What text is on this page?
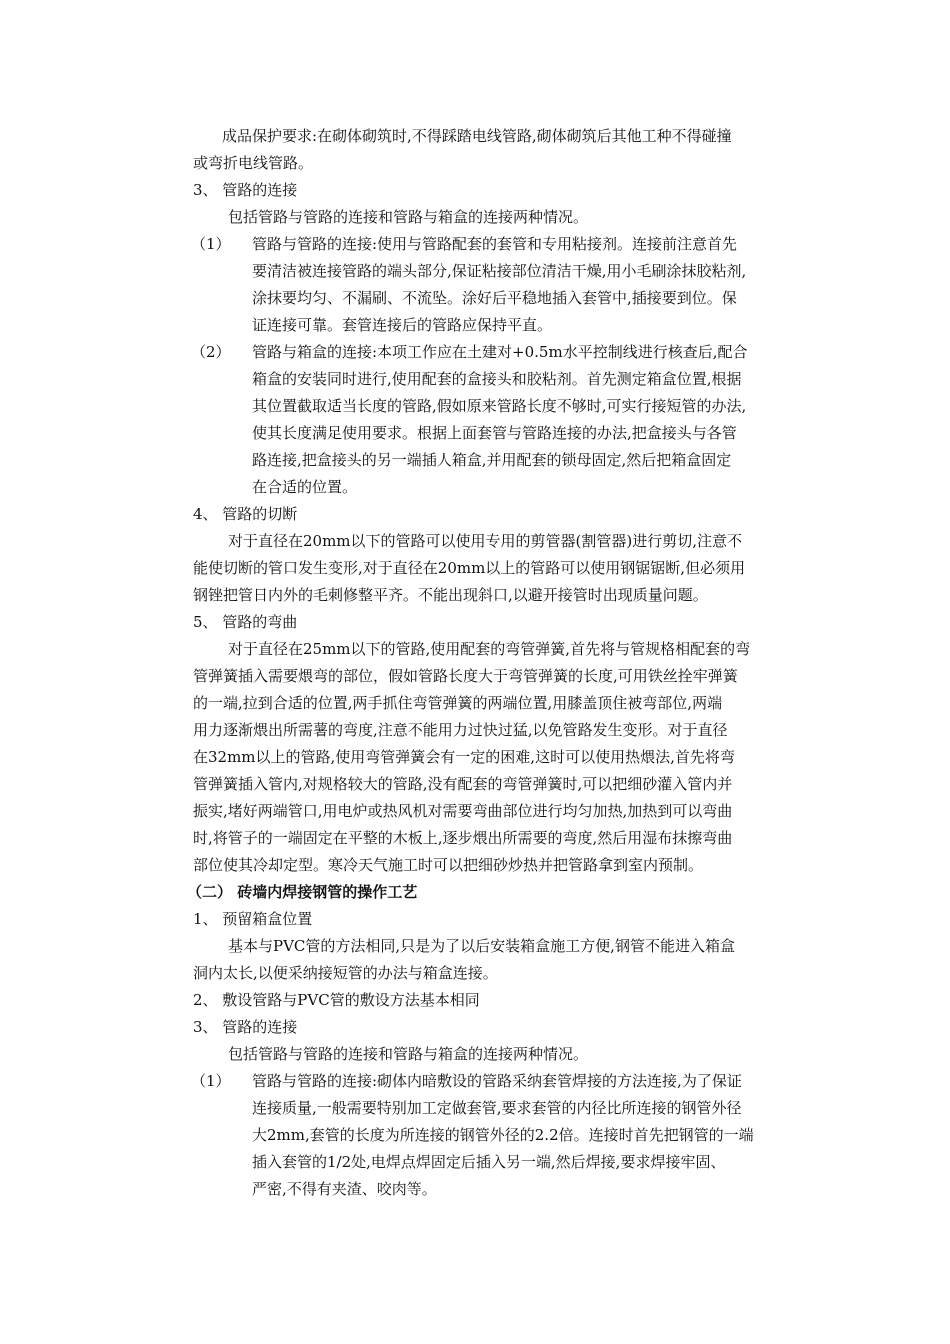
成品保护要求:在砌体砌筑时,不得踩踏电线管路,砌体砌筑后其他工种不得碰撞
或弯折电线管路。
3、 管路的连接
包括管路与管路的连接和管路与箱盒的连接两种情况。
（1） 管路与管路的连接:使用与管路配套的套管和专用粘接剂。连接前注意首先
要清洁被连接管路的端头部分,保证粘接部位清洁干燥,用小毛刷涂抹胶粘剂,
涂抹要均匀、不漏刷、不流坠。涂好后平稳地插入套管中,插接要到位。保
证连接可靠。套管连接后的管路应保持平直。
（2） 管路与箱盒的连接:本项工作应在土建对+0.5m水平控制线进行核查后,配合
箱盒的安装同时进行,使用配套的盒接头和胶粘剂。首先测定箱盒位置,根据
其位置截取适当长度的管路,假如原来管路长度不够时,可实行接短管的办法,
使其长度满足使用要求。根据上面套管与管路连接的办法,把盒接头与各管
路连接,把盒接头的另一端插人箱盒,并用配套的锁母固定,然后把箱盒固定
在合适的位置。
4、 管路的切断
对于直径在20mm以下的管路可以使用专用的剪管器(割管器)进行剪切,注意不
能使切断的管口发生变形,对于直径在20mm以上的管路可以使用钢锯锯断,但必须用
钢锉把管日内外的毛刺修整平齐。不能出现斜口,以避开接管时出现质量问题。
5、 管路的弯曲
对于直径在25mm以下的管路,使用配套的弯管弹簧,首先将与管规格相配套的弯
管弹簧插入需要煨弯的部位，假如管路长度大于弯管弹簧的长度,可用铁丝拴牢弹簧
的一端,拉到合适的位置,两手抓住弯管弹簧的两端位置,用膝盖顶住被弯部位,两端
用力逐渐煨出所需薯的弯度,注意不能用力过快过猛,以免管路发生变形。对于直径
在32mm以上的管路,使用弯管弹簧会有一定的困难,这时可以使用热煨法,首先将弯
管弹簧插入管内,对规格较大的管路,没有配套的弯管弹簧时,可以把细砂灌入管内并
振实,堵好两端管口,用电炉或热风机对需要弯曲部位进行均匀加热,加热到可以弯曲
时,将管子的一端固定在平整的木板上,逐步煨出所需要的弯度,然后用湿布抹擦弯曲
部位使其冷却定型。寒冷天气施工时可以把细砂炒热并把管路拿到室内预制。
（二） 砖墙内焊接钢管的操作工艺
1、 预留箱盒位置
基本与PVC管的方法相同,只是为了以后安装箱盒施工方便,钢管不能进入箱盒
洞内太长,以便采纳接短管的办法与箱盒连接。
2、 敷设管路与PVC管的敷设方法基本相同
3、 管路的连接
包括管路与管路的连接和管路与箱盒的连接两种情况。
（1） 管路与管路的连接:砌体内暗敷设的管路采纳套管焊接的方法连接,为了保证
连接质量,一般需要特别加工定做套管,要求套管的内径比所连接的钢管外径
大2mm,套管的长度为所连接的钢管外径的2.2倍。连接时首先把钢管的一端
插入套管的1/2处,电焊点焊固定后插入另一端,然后焊接,要求焊接牢固、
严密,不得有夹渣、咬肉等。
